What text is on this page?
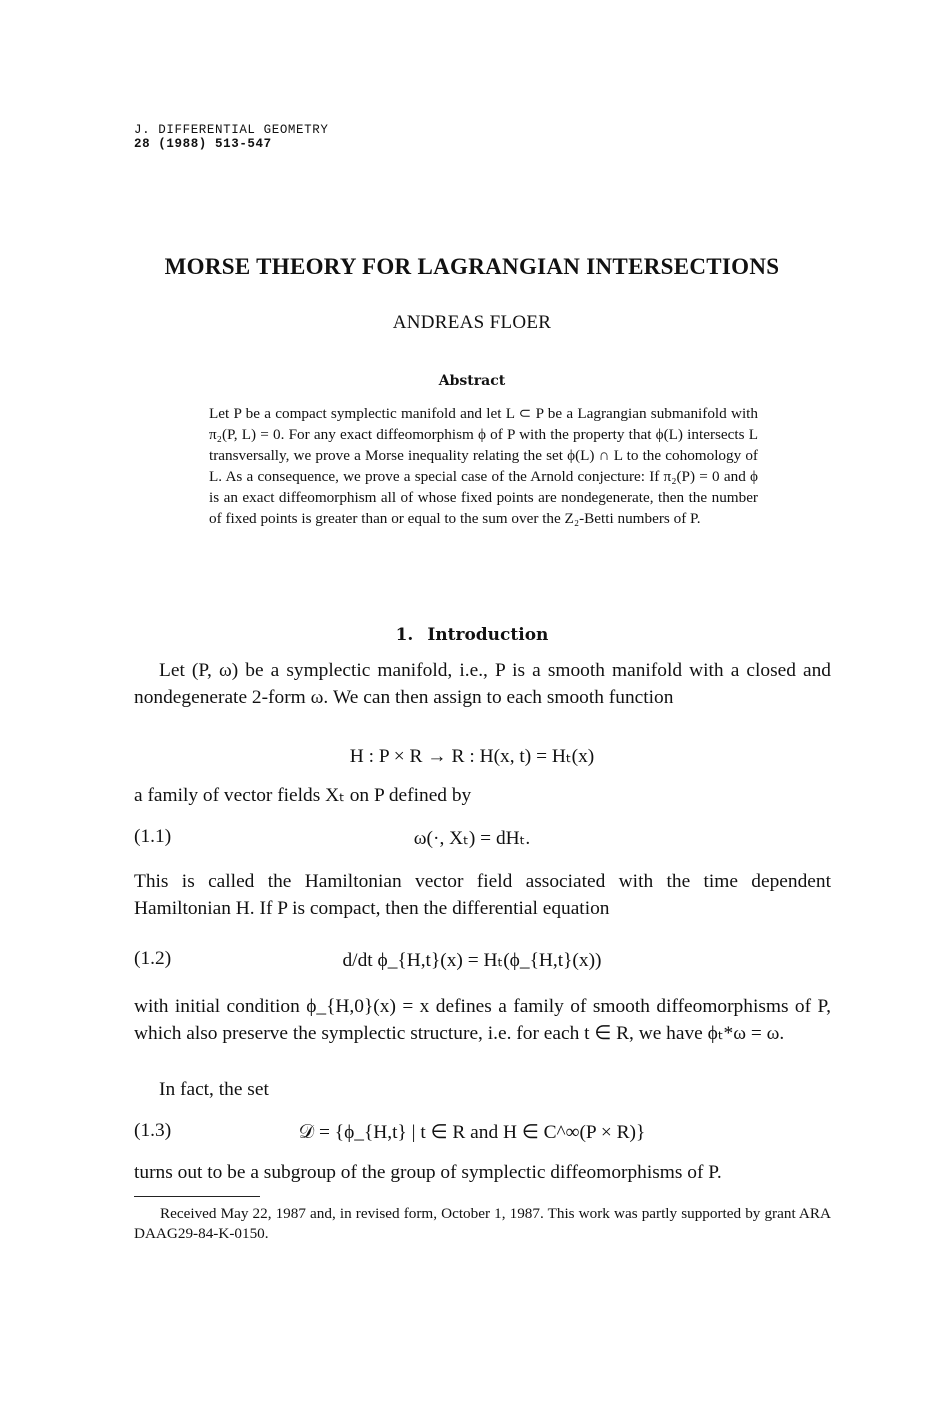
J. DIFFERENTIAL GEOMETRY
28 (1988) 513-547
MORSE THEORY FOR LAGRANGIAN INTERSECTIONS
ANDREAS FLOER
Abstract
Let P be a compact symplectic manifold and let L ⊂ P be a Lagrangian submanifold with π₂(P, L) = 0. For any exact diffeomorphism ϕ of P with the property that ϕ(L) intersects L transversally, we prove a Morse inequality relating the set ϕ(L) ∩ L to the cohomology of L. As a consequence, we prove a special case of the Arnold conjecture: If π₂(P) = 0 and ϕ is an exact diffeomorphism all of whose fixed points are nondegenerate, then the number of fixed points is greater than or equal to the sum over the Z₂-Betti numbers of P.
1. Introduction
Let (P, ω) be a symplectic manifold, i.e., P is a smooth manifold with a closed and nondegenerate 2-form ω. We can then assign to each smooth function
H : P × R → R : H(x, t) = Hₜ(x)
a family of vector fields Xₜ on P defined by
(1.1)	ω(·, Xₜ) = dHₜ.
This is called the Hamiltonian vector field associated with the time dependent Hamiltonian H. If P is compact, then the differential equation
(1.2)	d/dt ϕ_{H,t}(x) = Hₜ(ϕ_{H,t}(x))
with initial condition ϕ_{H,0}(x) = x defines a family of smooth diffeomorphisms of P, which also preserve the symplectic structure, i.e. for each t ∈ R, we have ϕₜ*ω = ω.
In fact, the set
(1.3)	𝒟 = {ϕ_{H,t} | t ∈ R and H ∈ C^∞(P × R)}
turns out to be a subgroup of the group of symplectic diffeomorphisms of P.
Received May 22, 1987 and, in revised form, October 1, 1987. This work was partly supported by grant ARA DAAG29-84-K-0150.
